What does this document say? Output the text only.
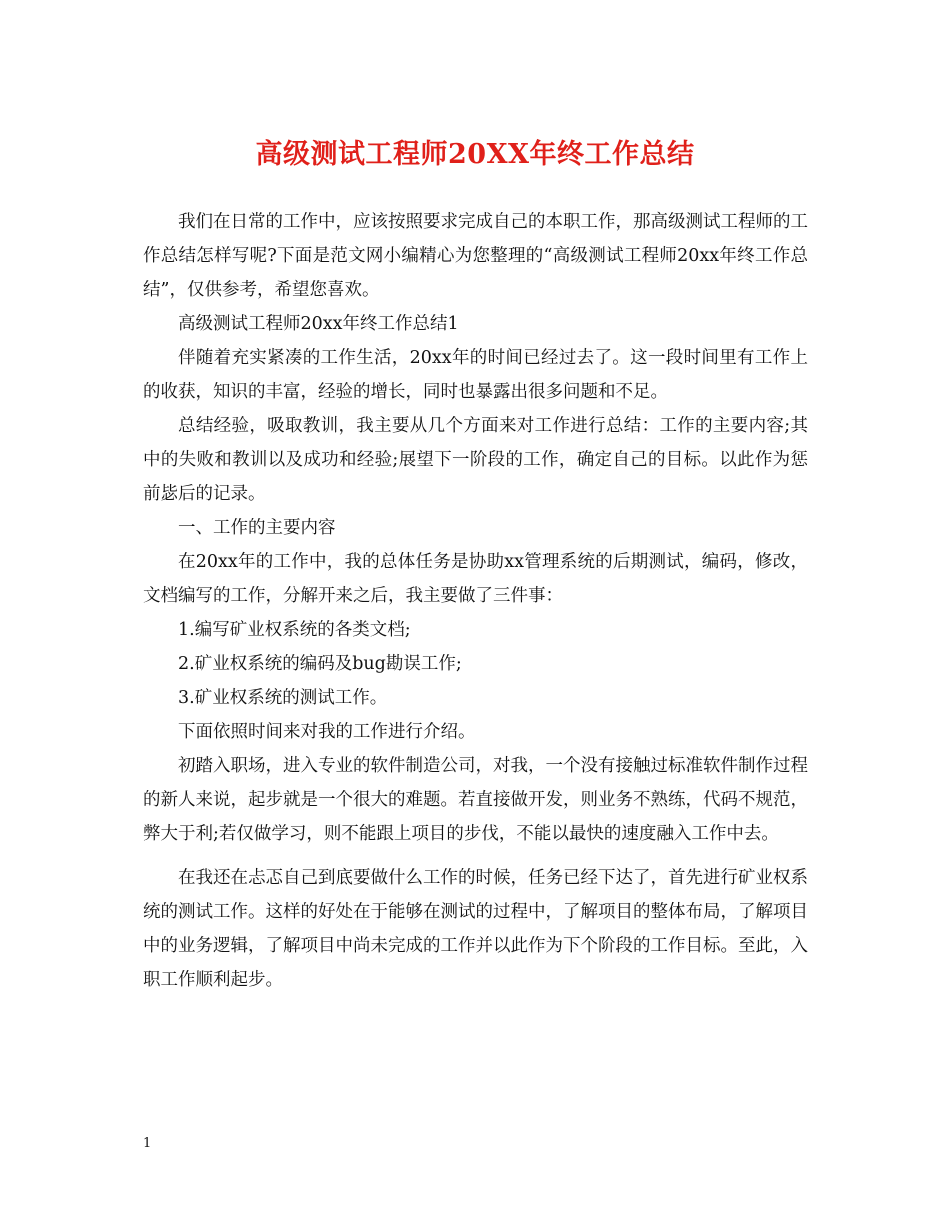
高级测试工程师20XX年终工作总结

我们在日常的工作中，应该按照要求完成自己的本职工作，那高级测试工程师的工作总结怎样写呢?下面是范文网小编精心为您整理的“高级测试工程师20xx年终工作总结”，仅供参考，希望您喜欢。

高级测试工程师20xx年终工作总结1

伴随着充实紧凑的工作生活，20xx年的时间已经过去了。这一段时间里有工作上的收获，知识的丰富，经验的增长，同时也暴露出很多问题和不足。

总结经验，吸取教训，我主要从几个方面来对工作进行总结：工作的主要内容;其中的失败和教训以及成功和经验;展望下一阶段的工作，确定自己的目标。以此作为惩前毖后的记录。

一、工作的主要内容

在20xx年的工作中，我的总体任务是协助xx管理系统的后期测试，编码，修改，文档编写的工作，分解开来之后，我主要做了三件事：

1.编写矿业权系统的各类文档;

2.矿业权系统的编码及bug勘误工作;

3.矿业权系统的测试工作。

下面依照时间来对我的工作进行介绍。

初踏入职场，进入专业的软件制造公司，对我，一个没有接触过标准软件制作过程的新人来说，起步就是一个很大的难题。若直接做开发，则业务不熟练，代码不规范，弊大于利;若仅做学习，则不能跟上项目的步伐，不能以最快的速度融入工作中去。

在我还在忐忑自己到底要做什么工作的时候，任务已经下达了，首先进行矿业权系统的测试工作。这样的好处在于能够在测试的过程中，了解项目的整体布局，了解项目中的业务逻辑，了解项目中尚未完成的工作并以此作为下个阶段的工作目标。至此，入职工作顺利起步。

1
